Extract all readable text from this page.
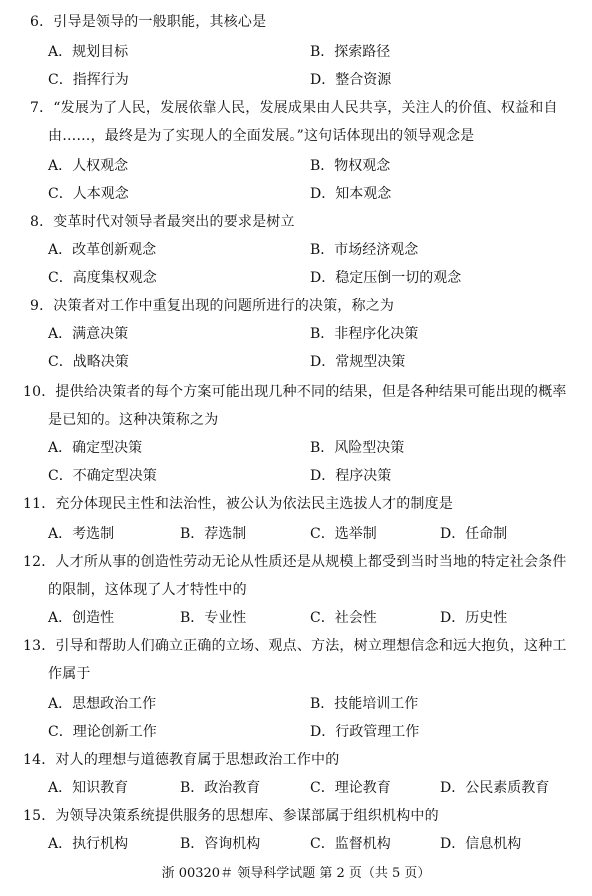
6．引导是领导的一般职能，其核心是
A．规划目标	B．探索路径
C．指挥行为	D．整合资源
7．“发展为了人民，发展依靠人民，发展成果由人民共享，关注人的价值、权益和自
由……，最终是为了实现人的全面发展。”这句话体现出的领导观念是
A．人权观念	B．物权观念
C．人本观念	D．知本观念
8．变革时代对领导者最突出的要求是树立
A．改革创新观念	B．市场经济观念
C．高度集权观念	D．稳定压倒一切的观念
9．决策者对工作中重复出现的问题所进行的决策，称之为
A．满意决策	B．非程序化决策
C．战略决策	D．常规型决策
10．提供给决策者的每个方案可能出现几种不同的结果，但是各种结果可能出现的概率
是已知的。这种决策称之为
A．确定型决策	B．风险型决策
C．不确定型决策	D．程序决策
11．充分体现民主性和法治性，被公认为依法民主选拔人才的制度是
A．考选制	B．荐选制	C．选举制	D．任命制
12．人才所从事的创造性劳动无论从性质还是从规模上都受到当时当地的特定社会条件
的限制，这体现了人才特性中的
A．创造性	B．专业性	C．社会性	D．历史性
13．引导和帮助人们确立正确的立场、观点、方法，树立理想信念和远大抱负，这种工
作属于
A．思想政治工作	B．技能培训工作
C．理论创新工作	D．行政管理工作
14．对人的理想与道德教育属于思想政治工作中的
A．知识教育	B．政治教育	C．理论教育	D．公民素质教育
15．为领导决策系统提供服务的思想库、参谋部属于组织机构中的
A．执行机构	B．咨询机构	C．监督机构	D．信息机构
浙 00320＃ 领导科学试题 第 2 页（共 5 页）
